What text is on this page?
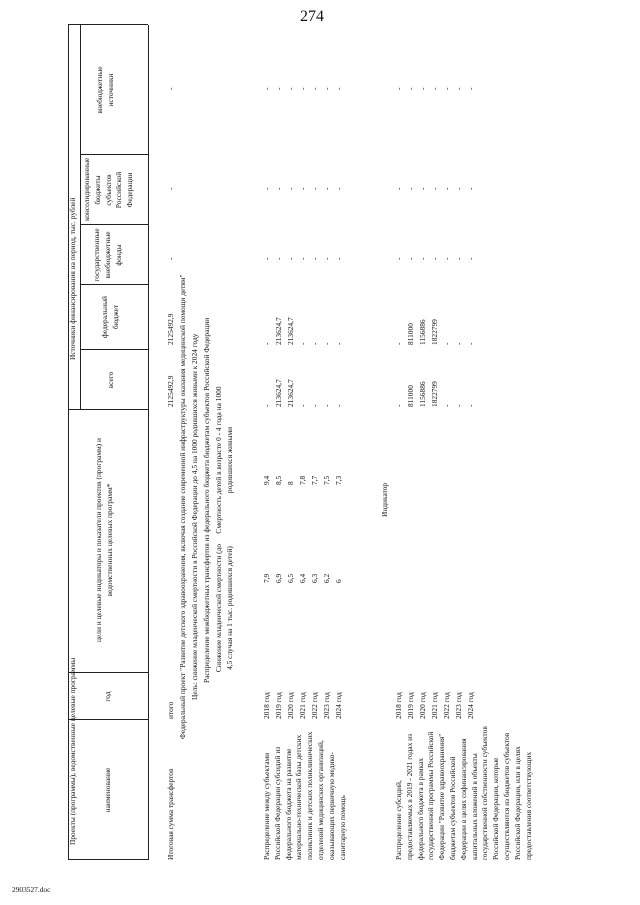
274
Проекты (программы), ведомственные целевые программы	наименование
год
цели и целевые индикаторы и показатели проектов (программ) и ведомственных целевых программ*
Источники финансирования на период, тыс. рублей
всего
федеральный бюджет
государственные внебюджетные фонды
консолидированные бюджеты субъектов Российской Федерации
внебюджетные источники
Итоговая сумма трансфертов
итого
2125492,9
2125492,9
-
-
-
Федеральный проект "Развитие детского здравоохранения, включая создание современной инфраструктуры оказания медицинской помощи детям" Цель: снижение младенческой смертности в Российской Федерации до 4,5 на 1000 родившихся живыми к 2024 году Распределение межбюджетных трансфертов из федерального бюджета бюджетам субъектов Российской Федерации Снижение младенческой смертности (до 4,5 случая на 1 тыс. родившихся детей)
Смертность детей в возрасте 0 - 4 года на 1000 родившихся живыми
Распределение между субъектами Российской Федерации субсидий из федерального бюджета на развитие материально-технической базы детских поликлиник и детских поликлинических отделений медицинских организаций, оказывающих первичную медико-санитарную помощь
2018 год
7,9
9,4
-
-
-
-
-
2019 год
6,9
8,5
213624,7
213624,7
-
-
-
2020 год
6,5
8
213624,7
213624,7
-
-
-
2021 год
6,4
7,8
-
-
-
-
-
2022 год
6,3
7,7
-
-
-
-
-
2023 год
6,2
7,5
-
-
-
-
-
2024 год
6
7,3
-
-
-
-
-
Индикатор
Распределение субсидий, предоставляемых в 2019 - 2021 годах из федерального бюджета в рамках государственной программы Российской Федерации "Развитие здравоохранения" бюджетам субъектов Российской Федерации в целях софинансирования капитальных вложений в объекты государственной собственности субъектов Российской Федерации, которые осуществляются из бюджетов субъектов Российской Федерации, или в целях предоставления соответствующих
2018 год
-
-
-
-
-
2019 год
811000
811000
-
-
-
2020 год
1156886
1156886
-
-
-
2021 год
1822799
1822799
-
-
-
2022 год
-
-
-
-
-
2023 год
-
-
-
-
-
2024 год
-
-
-
-
-
2903527.doc
